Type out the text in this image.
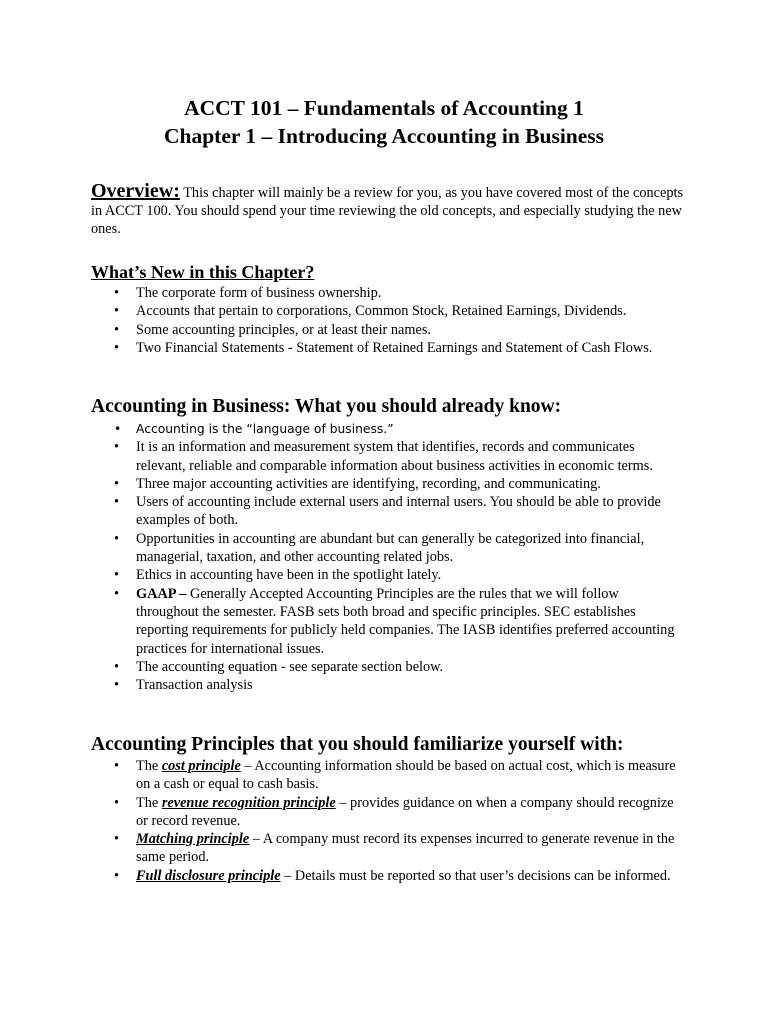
ACCT 101 – Fundamentals of Accounting 1
Chapter 1 – Introducing Accounting in Business
Overview: This chapter will mainly be a review for you, as you have covered most of the concepts in ACCT 100. You should spend your time reviewing the old concepts, and especially studying the new ones.
What’s New in this Chapter?
• The corporate form of business ownership.
• Accounts that pertain to corporations, Common Stock, Retained Earnings, Dividends.
• Some accounting principles, or at least their names.
• Two Financial Statements - Statement of Retained Earnings and Statement of Cash Flows.
Accounting in Business: What you should already know:
• Accounting is the “language of business.”
• It is an information and measurement system that identifies, records and communicates relevant, reliable and comparable information about business activities in economic terms.
• Three major accounting activities are identifying, recording, and communicating.
• Users of accounting include external users and internal users. You should be able to provide examples of both.
• Opportunities in accounting are abundant but can generally be categorized into financial, managerial, taxation, and other accounting related jobs.
• Ethics in accounting have been in the spotlight lately.
• GAAP – Generally Accepted Accounting Principles are the rules that we will follow throughout the semester. FASB sets both broad and specific principles. SEC establishes reporting requirements for publicly held companies. The IASB identifies preferred accounting practices for international issues.
• The accounting equation - see separate section below.
• Transaction analysis
Accounting Principles that you should familiarize yourself with:
• The cost principle – Accounting information should be based on actual cost, which is measure on a cash or equal to cash basis.
• The revenue recognition principle – provides guidance on when a company should recognize or record revenue.
• Matching principle – A company must record its expenses incurred to generate revenue in the same period.
• Full disclosure principle – Details must be reported so that user’s decisions can be informed.
